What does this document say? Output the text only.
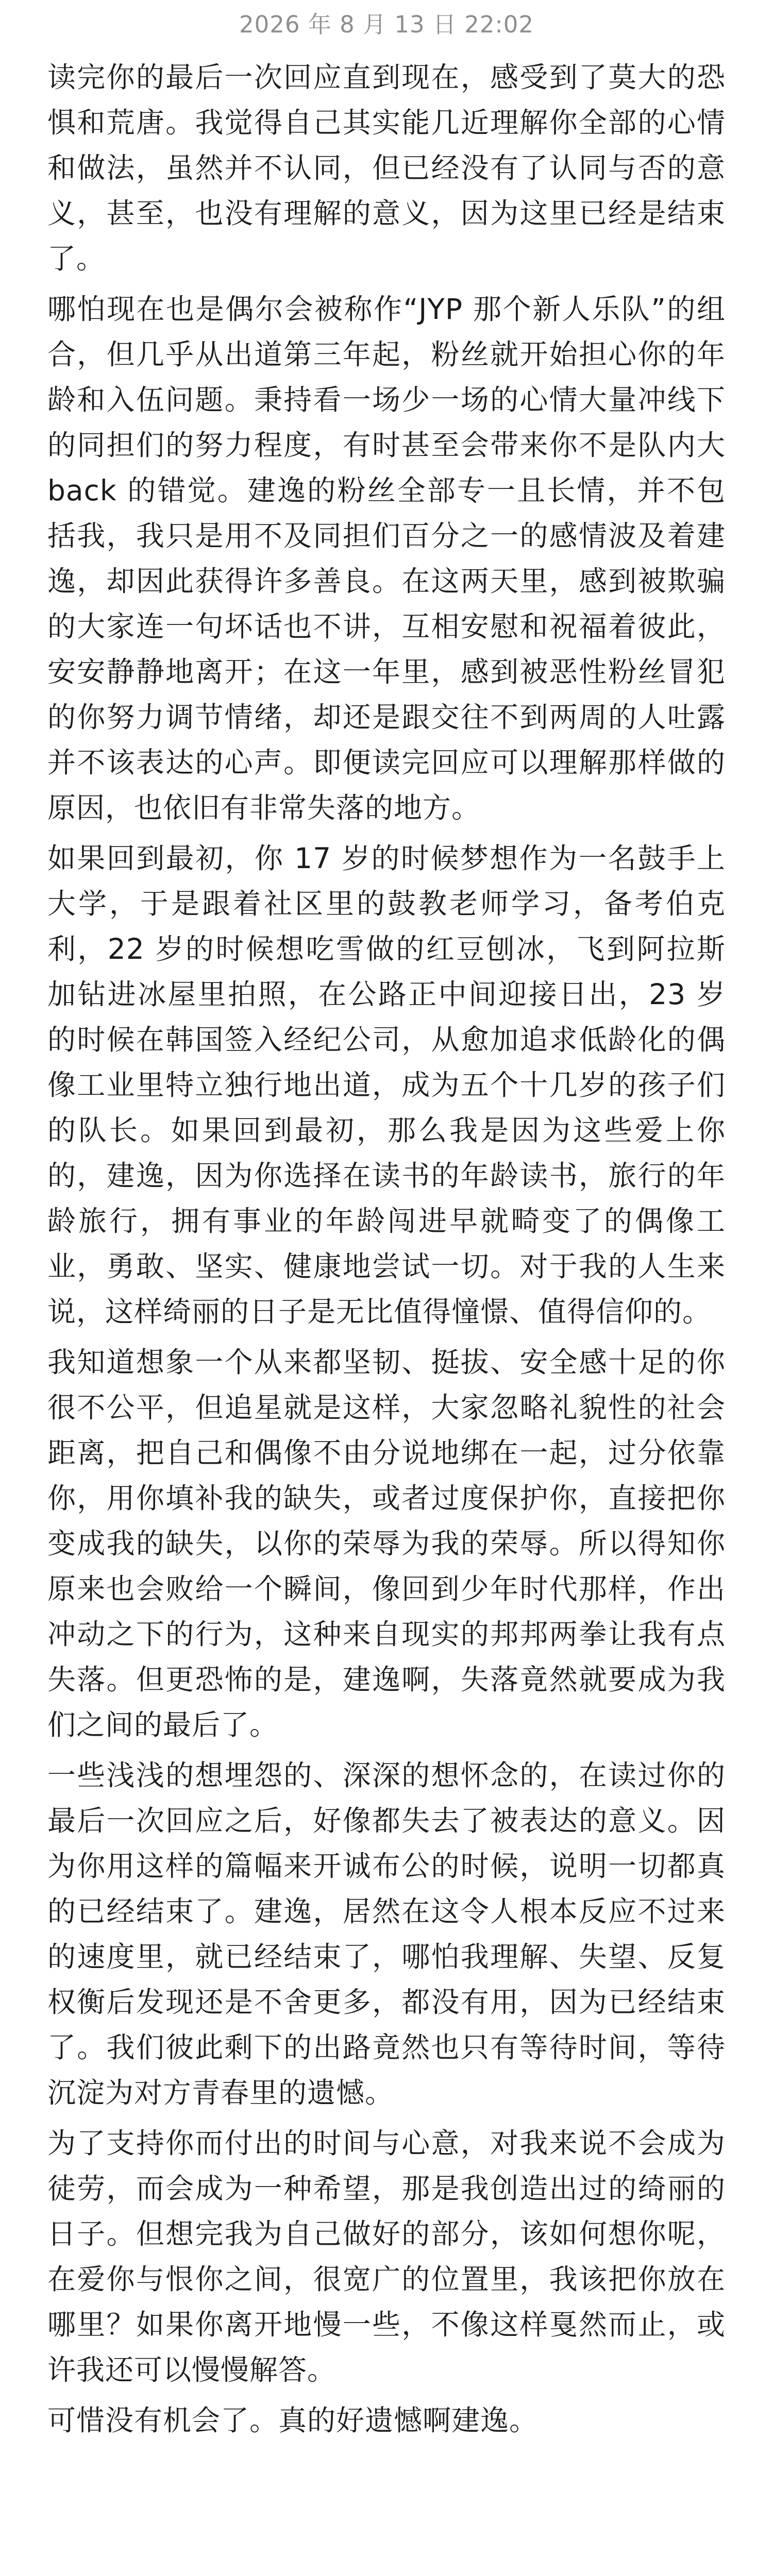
2026 年 8 月 13 日 22:02

读完你的最后一次回应直到现在，感受到了莫大的恐惧和荒唐。我觉得自己其实能几近理解你全部的心情和做法，虽然并不认同，但已经没有了认同与否的意义，甚至，也没有理解的意义，因为这里已经是结束了。

哪怕现在也是偶尔会被称作“JYP 那个新人乐队”的组合，但几乎从出道第三年起，粉丝就开始担心你的年龄和入伍问题。秉持看一场少一场的心情大量冲线下的同担们的努力程度，有时甚至会带来你不是队内大 back 的错觉。建逸的粉丝全部专一且长情，并不包括我，我只是用不及同担们百分之一的感情波及着建逸，却因此获得许多善良。在这两天里，感到被欺骗的大家连一句坏话也不讲，互相安慰和祝福着彼此，安安静静地离开；在这一年里，感到被恶性粉丝冒犯的你努力调节情绪，却还是跟交往不到两周的人吐露并不该表达的心声。即便读完回应可以理解那样做的原因，也依旧有非常失落的地方。

如果回到最初，你 17 岁的时候梦想作为一名鼓手上大学，于是跟着社区里的鼓教老师学习，备考伯克利，22 岁的时候想吃雪做的红豆刨冰，飞到阿拉斯加钻进冰屋里拍照，在公路正中间迎接日出，23 岁的时候在韩国签入经纪公司，从愈加追求低龄化的偶像工业里特立独行地出道，成为五个十几岁的孩子们的队长。如果回到最初，那么我是因为这些爱上你的，建逸，因为你选择在读书的年龄读书，旅行的年龄旅行，拥有事业的年龄闯进早就畸变了的偶像工业，勇敢、坚实、健康地尝试一切。对于我的人生来说，这样绮丽的日子是无比值得憧憬、值得信仰的。

我知道想象一个从来都坚韧、挺拔、安全感十足的你很不公平，但追星就是这样，大家忽略礼貌性的社会距离，把自己和偶像不由分说地绑在一起，过分依靠你，用你填补我的缺失，或者过度保护你，直接把你变成我的缺失，以你的荣辱为我的荣辱。所以得知你原来也会败给一个瞬间，像回到少年时代那样，作出冲动之下的行为，这种来自现实的邦邦两拳让我有点失落。但更恐怖的是，建逸啊，失落竟然就要成为我们之间的最后了。

一些浅浅的想埋怨的、深深的想怀念的，在读过你的最后一次回应之后，好像都失去了被表达的意义。因为你用这样的篇幅来开诚布公的时候，说明一切都真的已经结束了。建逸，居然在这令人根本反应不过来的速度里，就已经结束了，哪怕我理解、失望、反复权衡后发现还是不舍更多，都没有用，因为已经结束了。我们彼此剩下的出路竟然也只有等待时间，等待沉淀为对方青春里的遗憾。

为了支持你而付出的时间与心意，对我来说不会成为徒劳，而会成为一种希望，那是我创造出过的绮丽的日子。但想完我为自己做好的部分，该如何想你呢，在爱你与恨你之间，很宽广的位置里，我该把你放在哪里？如果你离开地慢一些，不像这样戛然而止，或许我还可以慢慢解答。

可惜没有机会了。真的好遗憾啊建逸。
